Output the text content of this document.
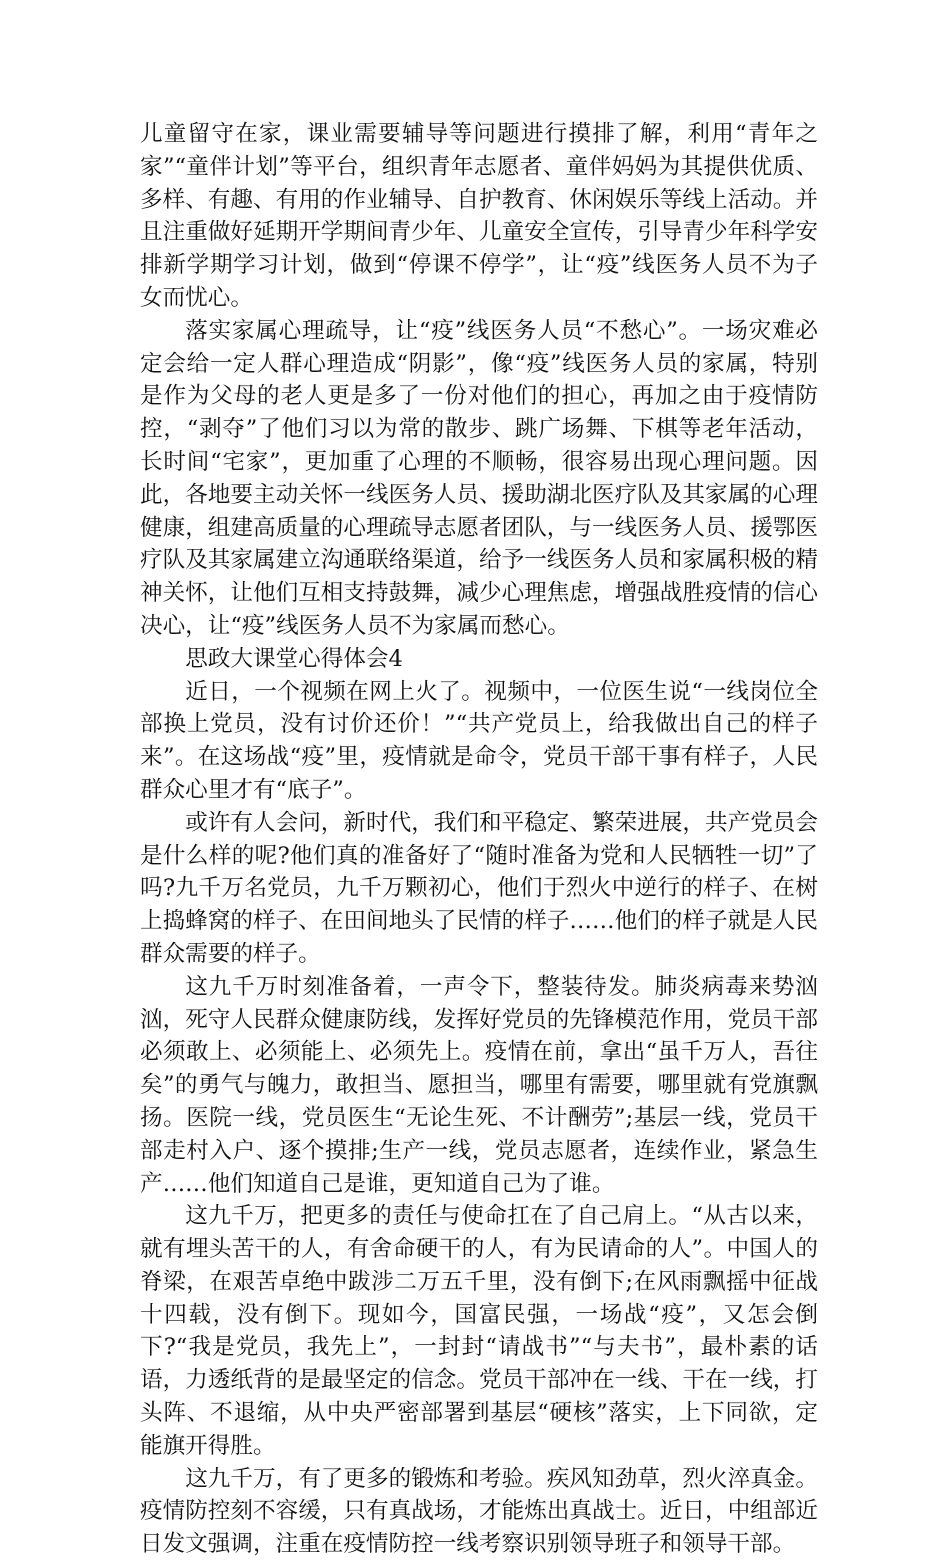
儿童留守在家，课业需要辅导等问题进行摸排了解，利用“青年之家”“童伴计划”等平台，组织青年志愿者、童伴妈妈为其提供优质、多样、有趣、有用的作业辅导、自护教育、休闲娱乐等线上活动。并且注重做好延期开学期间青少年、儿童安全宣传，引导青少年科学安排新学期学习计划，做到“停课不停学”，让“疫”线医务人员不为子女而忧心。

落实家属心理疏导，让“疫”线医务人员“不愁心”。一场灾难必定会给一定人群心理造成“阴影”，像“疫”线医务人员的家属，特别是作为父母的老人更是多了一份对他们的担心，再加之由于疫情防控，“剥夺”了他们习以为常的散步、跳广场舞、下棋等老年活动，长时间“宅家”，更加重了心理的不顺畅，很容易出现心理问题。因此，各地要主动关怀一线医务人员、援助湖北医疗队及其家属的心理健康，组建高质量的心理疏导志愿者团队，与一线医务人员、援鄂医疗队及其家属建立沟通联络渠道，给予一线医务人员和家属积极的精神关怀，让他们互相支持鼓舞，减少心理焦虑，增强战胜疫情的信心决心，让“疫”线医务人员不为家属而愁心。

思政大课堂心得体会4

近日，一个视频在网上火了。视频中，一位医生说“一线岗位全部换上党员，没有讨价还价！”“共产党员上，给我做出自己的样子来”。在这场战“疫”里，疫情就是命令，党员干部干事有样子，人民群众心里才有“底子”。

或许有人会问，新时代，我们和平稳定、繁荣进展，共产党员会是什么样的呢?他们真的准备好了“随时准备为党和人民牺牲一切”了吗?九千万名党员，九千万颗初心，他们于烈火中逆行的样子、在树上捣蜂窝的样子、在田间地头了民情的样子……他们的样子就是人民群众需要的样子。

这九千万时刻准备着，一声令下，整装待发。肺炎病毒来势汹汹，死守人民群众健康防线，发挥好党员的先锋模范作用，党员干部必须敢上、必须能上、必须先上。疫情在前，拿出“虽千万人，吾往矣”的勇气与魄力，敢担当、愿担当，哪里有需要，哪里就有党旗飘扬。医院一线，党员医生“无论生死、不计酬劳”;基层一线，党员干部走村入户、逐个摸排;生产一线，党员志愿者，连续作业，紧急生产……他们知道自己是谁，更知道自己为了谁。

这九千万，把更多的责任与使命扛在了自己肩上。“从古以来，就有埋头苦干的人，有舍命硬干的人，有为民请命的人”。中国人的脊梁，在艰苦卓绝中跋涉二万五千里，没有倒下;在风雨飘摇中征战十四载，没有倒下。现如今，国富民强，一场战“疫”，又怎会倒下?“我是党员，我先上”，一封封“请战书”“与夫书”，最朴素的话语，力透纸背的是最坚定的信念。党员干部冲在一线、干在一线，打头阵、不退缩，从中央严密部署到基层“硬核”落实，上下同欲，定能旗开得胜。

这九千万，有了更多的锻炼和考验。疾风知劲草，烈火淬真金。疫情防控刻不容缓，只有真战场，才能炼出真战士。近日，中组部近日发文强调，注重在疫情防控一线考察识别领导班子和领导干部。
